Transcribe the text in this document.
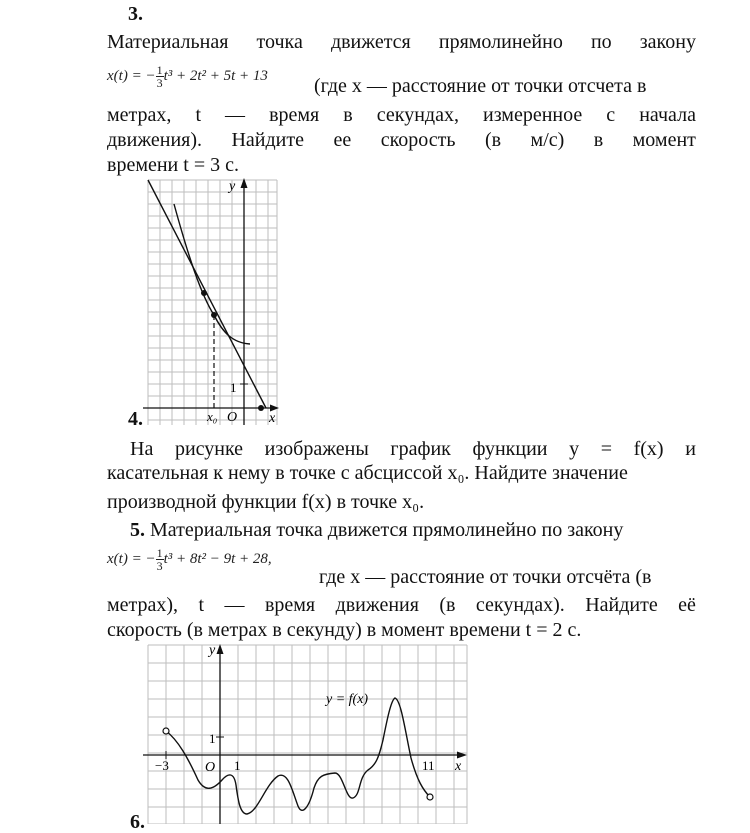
3.
Материальная точка движется прямолинейно по закону
x(t) = − $\frac{1}{3} t^3 + 2t^2 + 5t + 13$ (где x — расстояние от точки отсчета в
метрах, t — время в секундах, измеренное с начала
движения). Найдите ее скорость (в м/с) в момент
времени t = 3 с.
4.
y
x
x₀ O
1
На рисунке изображены график функции y = f(x) и
касательная к нему в точке с абсциссой x₀. Найдите значение
производной функции f(x) в точке x₀.
5. Материальная точка движется прямолинейно по закону
x(t) = − $\frac{1}{3} t^3 + 8t^2 - 9t + 28$,
где x — расстояние от точки отсчёта (в
метрах), t — время движения (в секундах). Найдите её
скорость (в метрах в секунду) в момент времени t = 2 с.
y = f(x)
y
x
O 1
1
−3	11
6.
